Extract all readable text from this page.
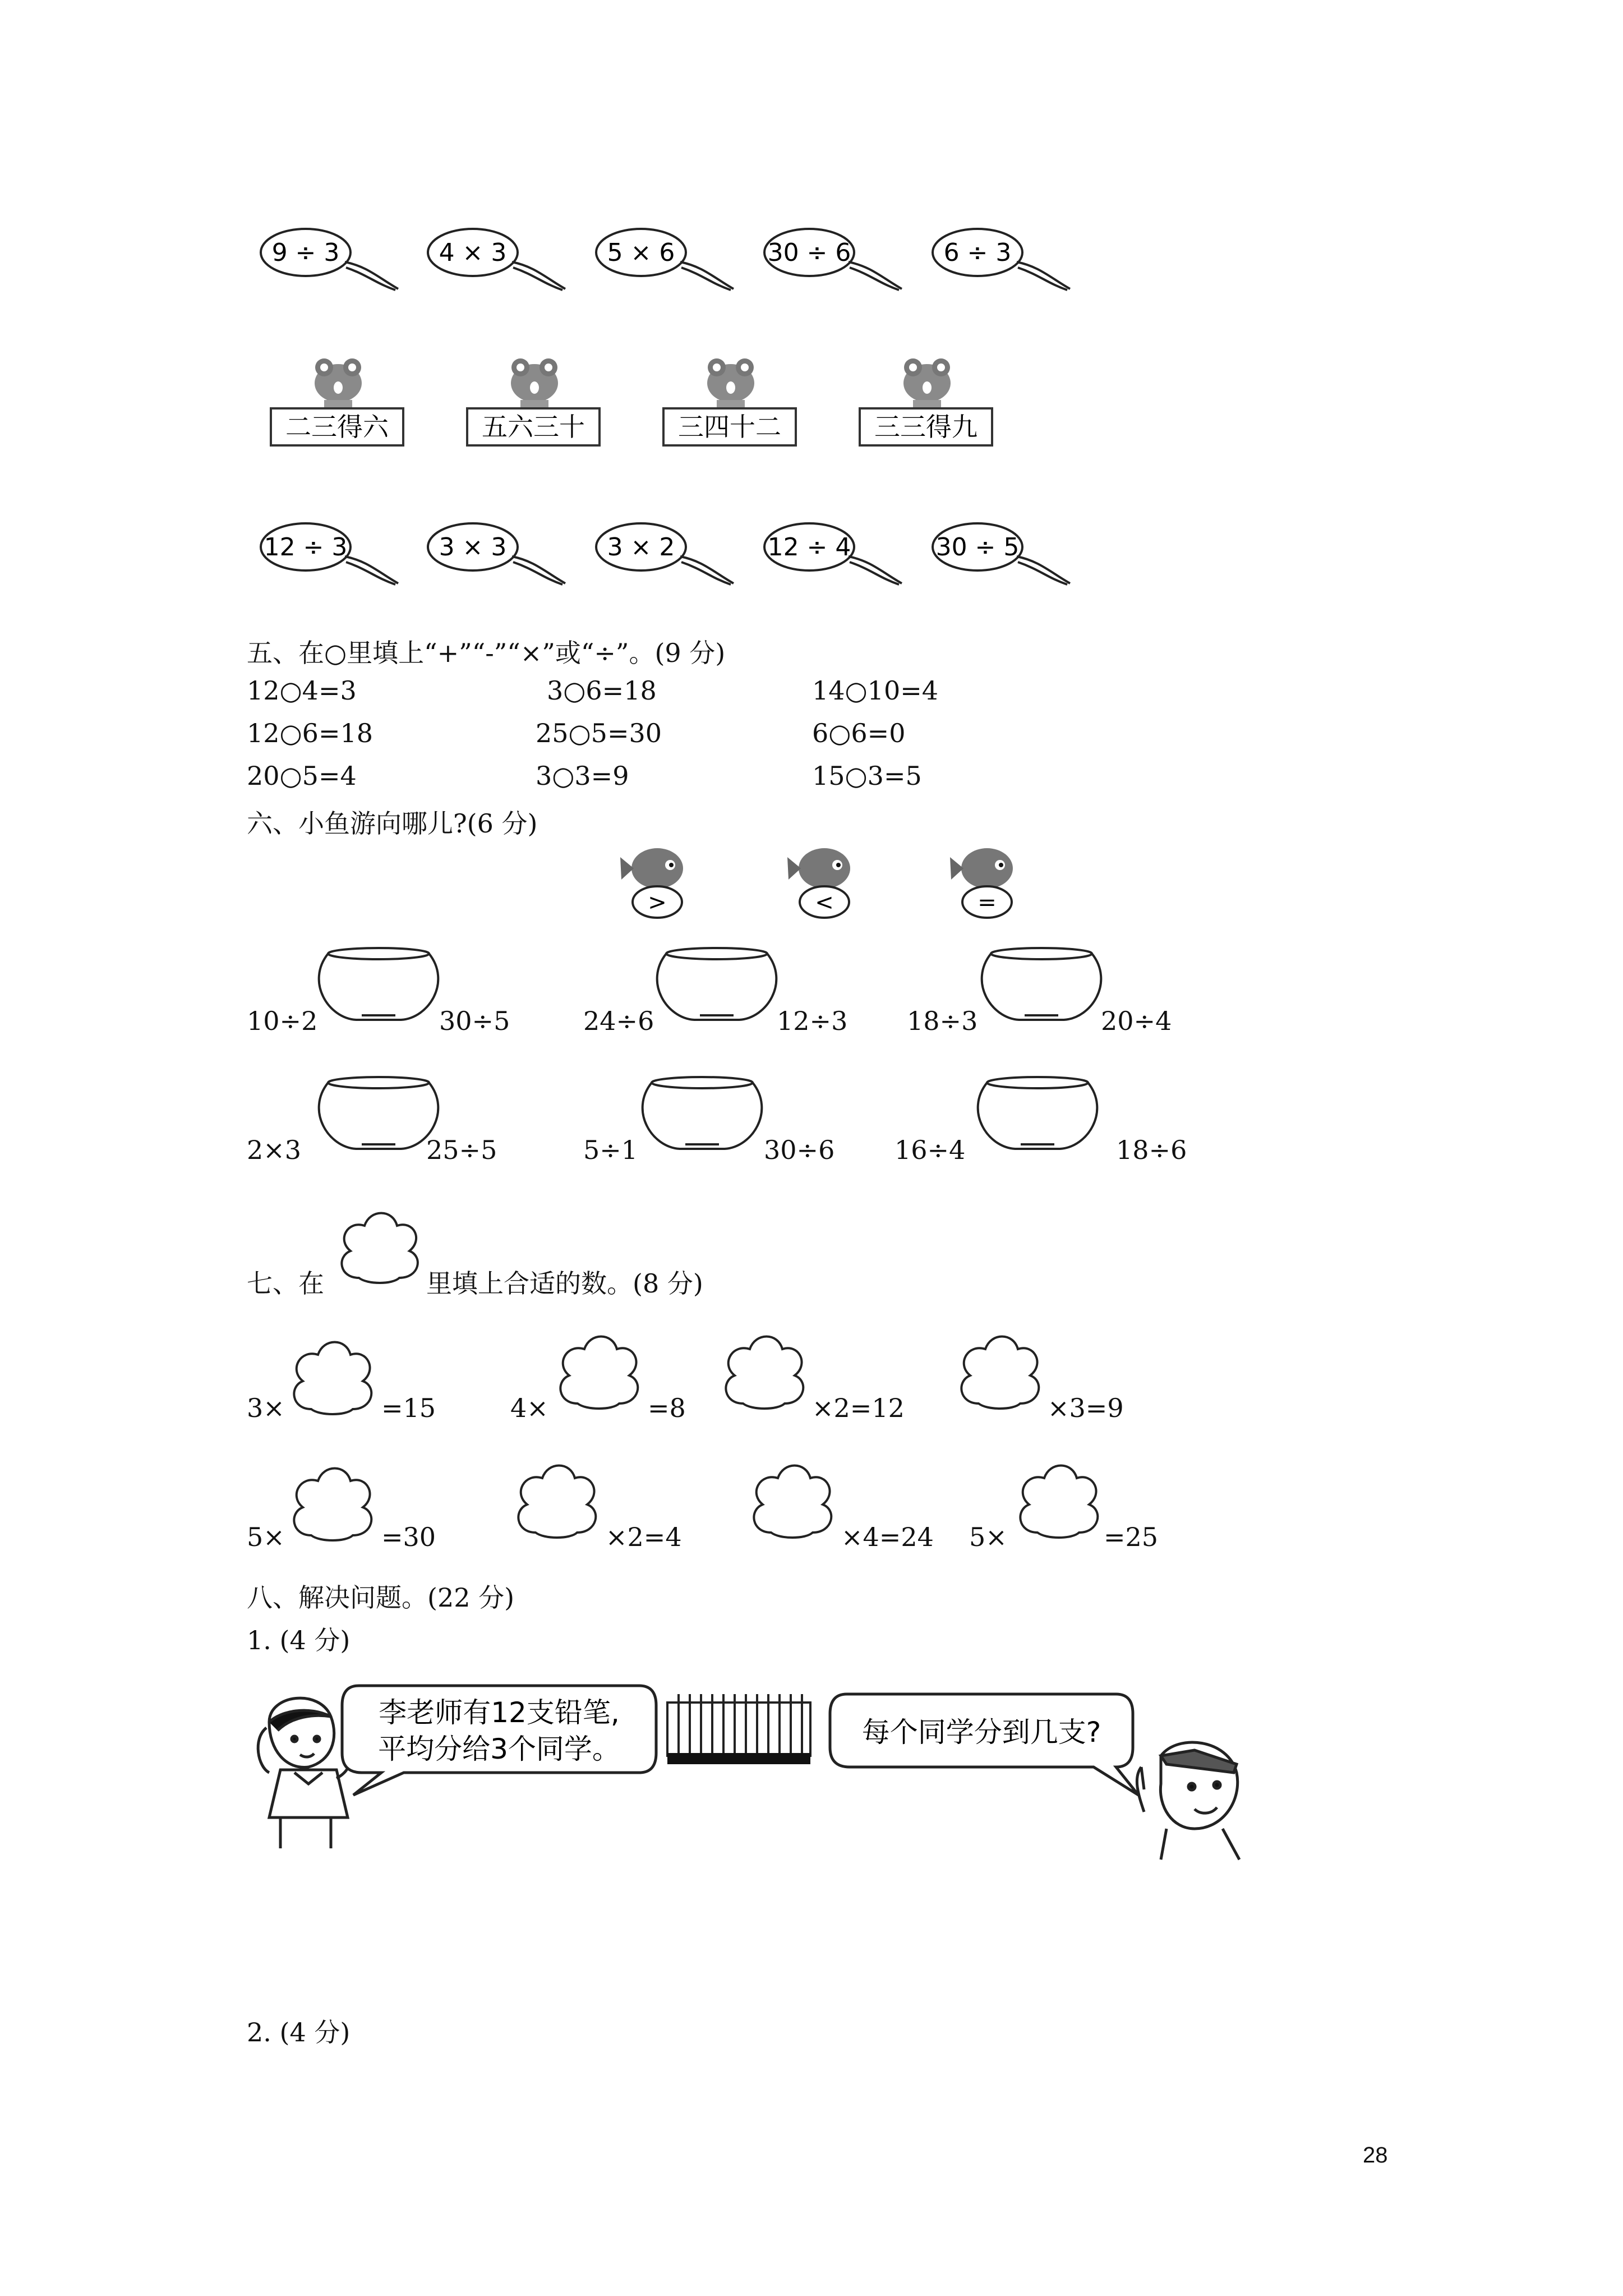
9 ÷ 3	4 × 3	5 × 6	30 ÷ 6	6 ÷ 3
二三得六	五六三十	三四十二	三三得九
12 ÷ 3	3 × 3	3 × 2	12 ÷ 4	30 ÷ 5
五、在○里填上“+”“-”“×”或“÷”。(9 分)
12○4=3	3○6=18	14○10=4
12○6=18	25○5=30	6○6=0
20○5=4	3○3=9	15○3=5
六、小鱼游向哪儿?(6 分)
>	<	=
10÷2	30÷5	24÷6	12÷3 18÷3	20÷4
2×3	25÷5	5÷1	30÷6 16÷4	18÷6
七、在	里填上合适的数。(8 分)
3×	=15	4×	=8	×2=12	×3=9
5×	=30	×2=4	×4=24 5×	=25
八、解决问题。(22 分)
1. (4 分)
李老师有12支铅笔,
平均分给3个同学。
每个同学分到几支?
2. (4 分)
28
